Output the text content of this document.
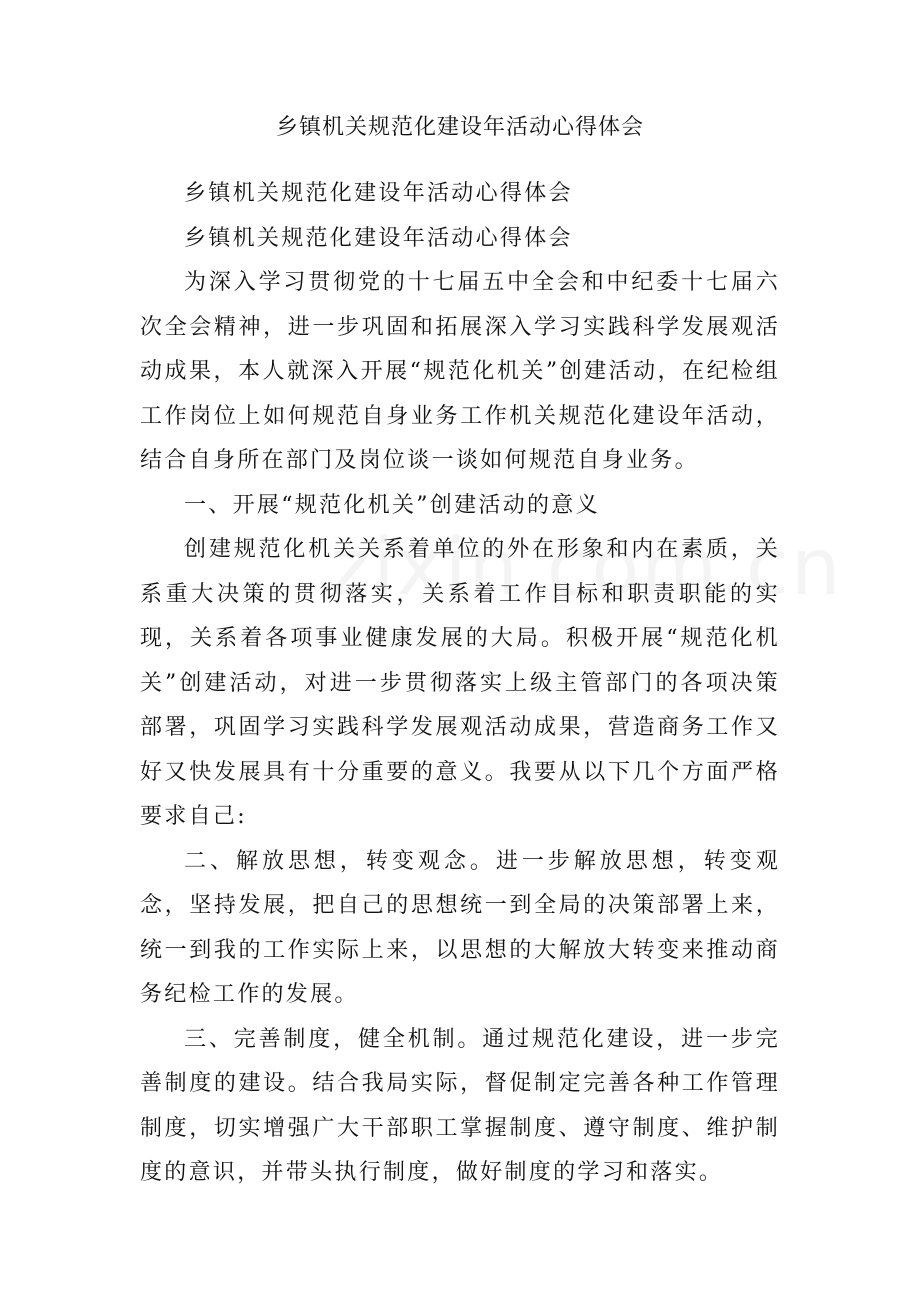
乡镇机关规范化建设年活动心得体会

乡镇机关规范化建设年活动心得体会

乡镇机关规范化建设年活动心得体会

为深入学习贯彻党的十七届五中全会和中纪委十七届六次全会精神，进一步巩固和拓展深入学习实践科学发展观活动成果，本人就深入开展“规范化机关”创建活动，在纪检组工作岗位上如何规范自身业务工作机关规范化建设年活动，结合自身所在部门及岗位谈一谈如何规范自身业务。

一、开展“规范化机关”创建活动的意义

创建规范化机关关系着单位的外在形象和内在素质，关系重大决策的贯彻落实，关系着工作目标和职责职能的实现，关系着各项事业健康发展的大局。积极开展“规范化机关”创建活动，对进一步贯彻落实上级主管部门的各项决策部署，巩固学习实践科学发展观活动成果，营造商务工作又好又快发展具有十分重要的意义。我要从以下几个方面严格要求自己:

二、解放思想，转变观念。进一步解放思想，转变观念，坚持发展，把自己的思想统一到全局的决策部署上来，统一到我的工作实际上来，以思想的大解放大转变来推动商务纪检工作的发展。

三、完善制度，健全机制。通过规范化建设，进一步完善制度的建设。结合我局实际，督促制定完善各种工作管理制度，切实增强广大干部职工掌握制度、遵守制度、维护制度的意识，并带头执行制度，做好制度的学习和落实。
